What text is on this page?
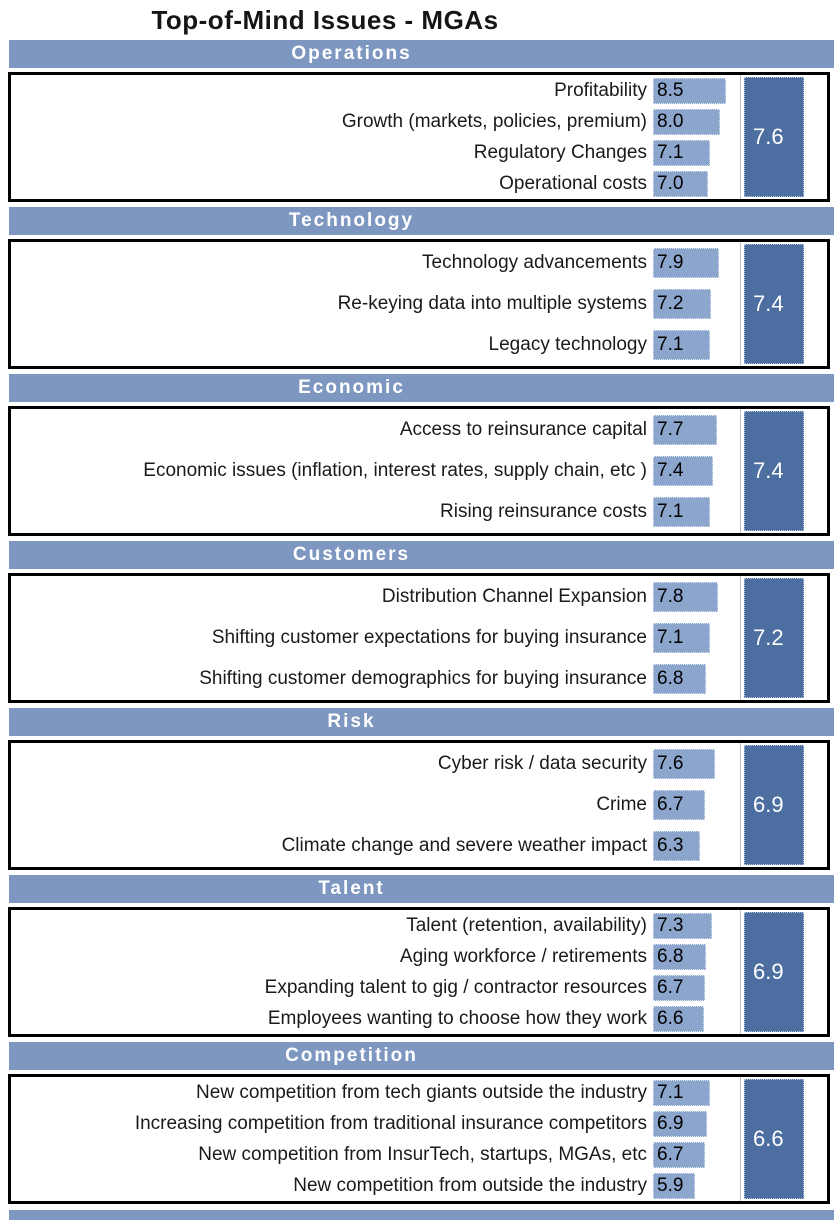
Top-of-Mind Issues - MGAs
Operations
Profitability 8.5
Growth (markets, policies, premium) 8.0
Regulatory Changes 7.1
Operational costs 7.0
7.6
Technology
Technology advancements 7.9
Re-keying data into multiple systems 7.2
Legacy technology 7.1
7.4
Economic
Access to reinsurance capital 7.7
Economic issues (inflation, interest rates, supply chain, etc ) 7.4
Rising reinsurance costs 7.1
7.4
Customers
Distribution Channel Expansion 7.8
Shifting customer expectations for buying insurance 7.1
Shifting customer demographics for buying insurance 6.8
7.2
Risk
Cyber risk / data security 7.6
Crime 6.7
Climate change and severe weather impact 6.3
6.9
Talent
Talent (retention, availability) 7.3
Aging workforce / retirements 6.8
Expanding talent to gig / contractor resources 6.7
Employees wanting to choose how they work 6.6
6.9
Competition
New competition from tech giants outside the industry 7.1
Increasing competition from traditional insurance competitors 6.9
New competition from InsurTech, startups, MGAs, etc 6.7
New competition from outside the industry 5.9
6.6
